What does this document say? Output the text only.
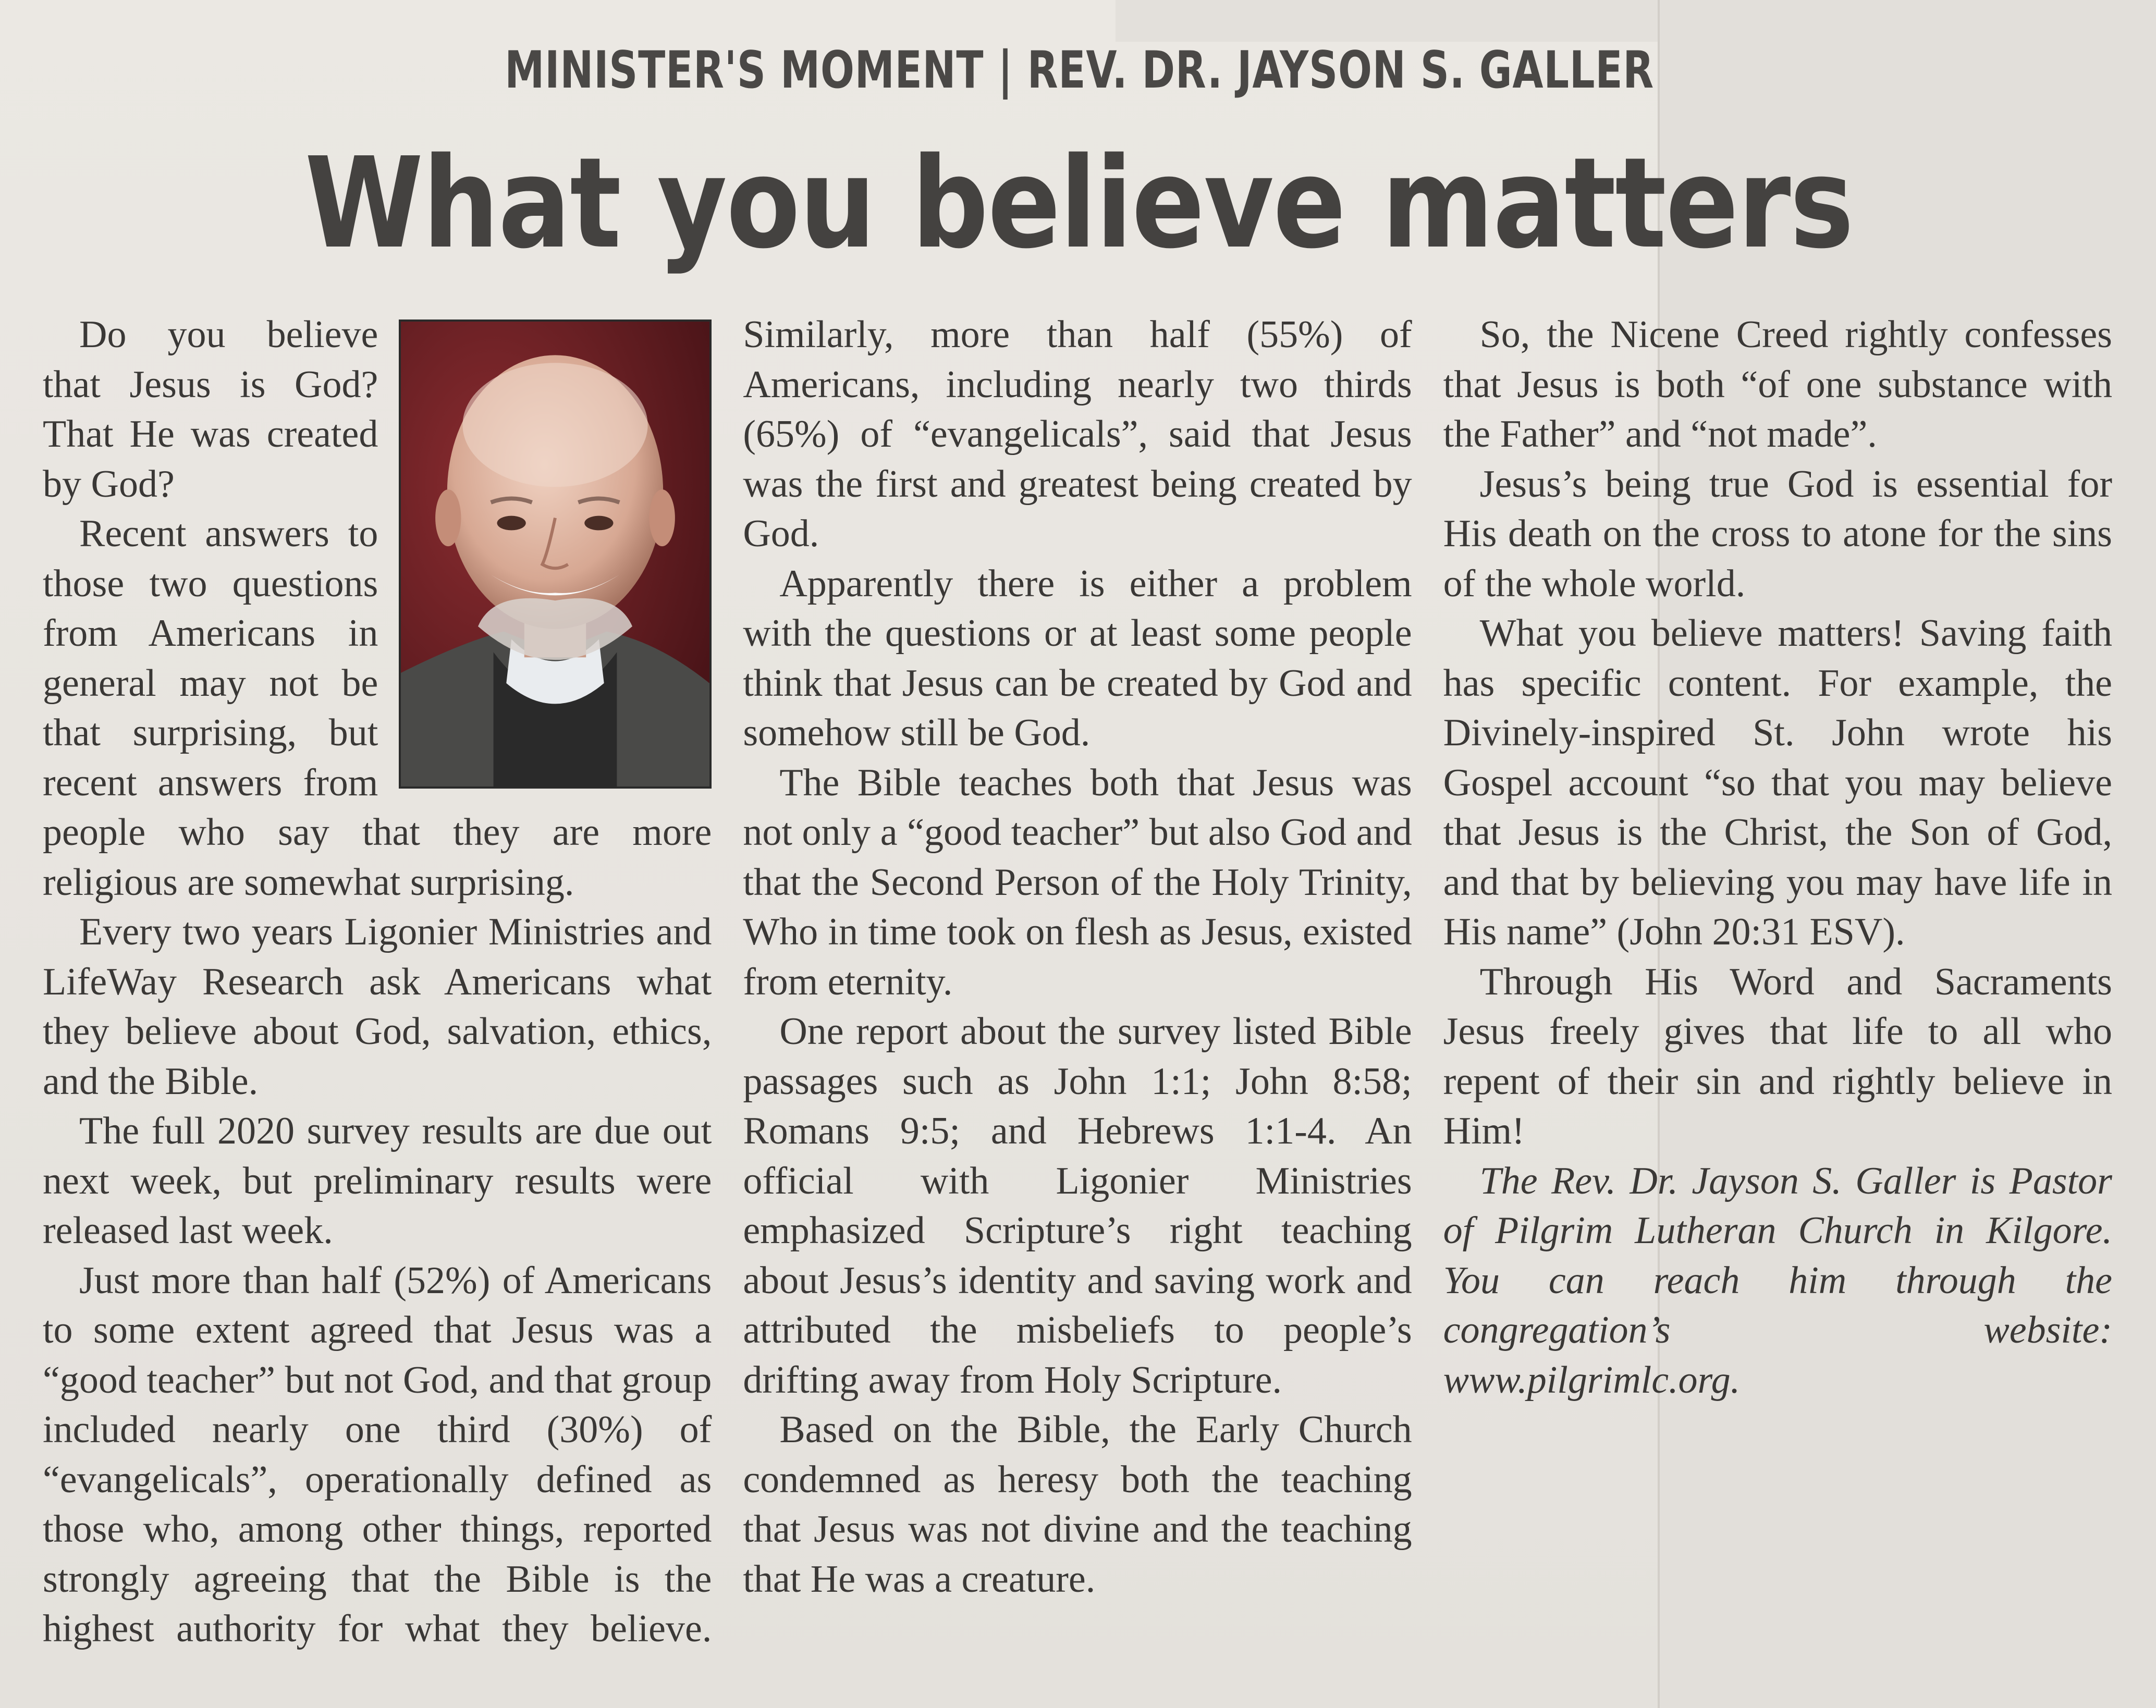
MINISTER'S MOMENT | REV. DR. JAYSON S. GALLER
What you believe matters

Do you believe that Jesus is God? That He was created by God?

Recent answers to those two questions from Americans in general may not be that surprising, but recent answers from people who say that they are more religious are somewhat surprising.

Every two years Ligonier Ministries and LifeWay Research ask Americans what they believe about God, salvation, ethics, and the Bible.

The full 2020 survey results are due out next week, but preliminary results were released last week.

Just more than half (52%) of Americans to some extent agreed that Jesus was a “good teacher” but not God, and that group included nearly one third (30%) of “evangelicals”, operationally defined as those who, among other things, reported strongly agreeing that the Bible is the highest authority for what they believe. Similarly, more than half (55%) of Americans, including nearly two thirds (65%) of “evangelicals”, said that Jesus was the first and greatest being created by God.

Apparently there is either a problem with the questions or at least some people think that Jesus can be created by God and somehow still be God.

The Bible teaches both that Jesus was not only a “good teacher” but also God and that the Second Person of the Holy Trinity, Who in time took on flesh as Jesus, existed from eternity.

One report about the survey listed Bible passages such as John 1:1; John 8:58; Romans 9:5; and Hebrews 1:1-4. An official with Ligonier Ministries emphasized Scripture’s right teaching about Jesus’s identity and saving work and attributed the misbeliefs to people’s drifting away from Holy Scripture.

Based on the Bible, the Early Church condemned as heresy both the teaching that Jesus was not divine and the teaching that He was a creature.

So, the Nicene Creed rightly confesses that Jesus is both “of one substance with the Father” and “not made”.

Jesus’s being true God is essential for His death on the cross to atone for the sins of the whole world.

What you believe matters! Saving faith has specific content. For example, the Divinely-inspired St. John wrote his Gospel account “so that you may believe that Jesus is the Christ, the Son of God, and that by believing you may have life in His name” (John 20:31 ESV).

Through His Word and Sacraments Jesus freely gives that life to all who repent of their sin and rightly believe in Him!

The Rev. Dr. Jayson S. Galler is Pastor of Pilgrim Lutheran Church in Kilgore. You can reach him through the congregation’s website: www.pilgrimlc.org.
